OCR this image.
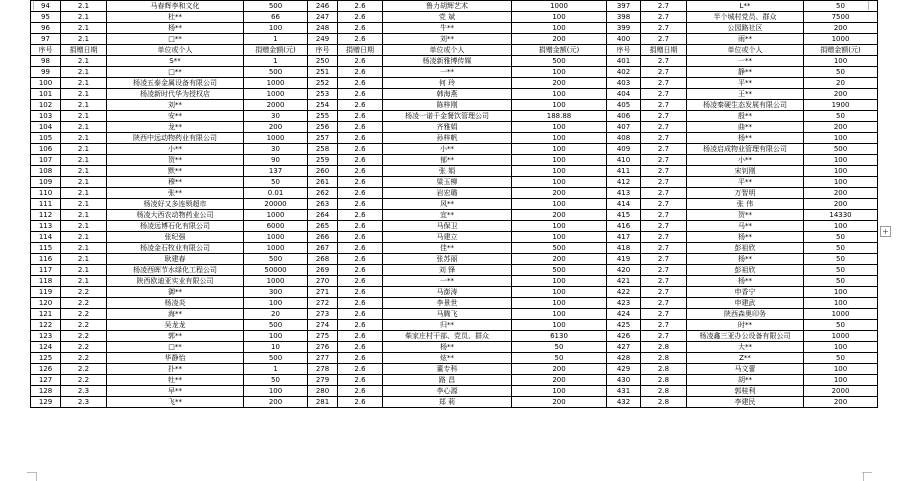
94	2.1	马春辉李和文化	500	246	2.6	鲁力胡辉艺术	1000	397	2.7	L**	50
95	2.1	杜**	66	247	2.6	党 斌	100	398	2.7	半个城村党员、群众	7500
96	2.1	杨**	100	248	2.6	牛**	100	399	2.7	公园路社区	200
97	2.1	□**	1	249	2.6	刘**	200	400	2.7	雨**	1000
序号	捐赠日期	单位或个人	捐赠金额(元)	序号	捐赠日期	单位或个人	捐赠金额(元)	序号	捐赠日期	单位或个人	捐赠金额(元)
98	2.1	S**	1	250	2.6	杨凌新雅博传媒	500	401	2.7	一**	100
99	2.1	□**	500	251	2.6	一**	100	402	2.7	静**	50
100	2.1	杨凌五泰金属设备有限公司	1000	252	2.6	何 玲	200	403	2.7	平**	20
101	2.1	杨凌新时代华为授权店	1000	253	2.6	韩海燕	100	404	2.7	王**	200
102	2.1	刘**	2000	254	2.6	陈梓刚	100	405	2.7	杨凌秦硬生态发展有限公司	1900
103	2.1	安**	30	255	2.6	杨凌一诺千金餐饮管理公司	188.88	406	2.7	殷**	50
104	2.1	龙**	200	256	2.6	齐雅娟	100	407	2.7	曲**	200
105	2.1	陕西中远动物药业有限公司	1000	257	2.6	孙梓帆	100	408	2.7	杨**	100
106	2.1	小**	30	258	2.6	小**	100	409	2.7	杨凌启成物业管理有限公司	500
107	2.1	贺**	90	259	2.6	郁**	100	410	2.7	小**	100
108	2.1	默**	137	260	2.6	张 娟	100	411	2.7	宋钊刚	100
109	2.1	穆**	50	261	2.6	梁玉柳	100	412	2.7	平**	100
110	2.1	张**	0.01	262	2.6	岩宏璐	200	413	2.7	万智明	200
111	2.1	杨凌好又多连锁超市	20000	263	2.6	风**	100	414	2.7	张 伟	200
112	2.1	杨凌大西农动物药业公司	1000	264	2.6	宜**	200	415	2.7	贺**	14330
113	2.1	杨凌远博石化有限公司	6000	265	2.6	马保卫	100	416	2.7	马**	100
114	2.1	张纪强	1000	266	2.6	马建立	100	417	2.7	杨**	50
115	2.1	杨凌金石牧业有限公司	1000	267	2.6	佳**	500	418	2.7	彭祖欣	50
116	2.1	耿建春	500	268	2.6	张苏丽	200	419	2.7	杨**	50
117	2.1	杨凌西晖节水绿化工程公司	50000	269	2.6	刘 锋	500	420	2.7	彭祖欣	50
118	2.1	陕西欧迪亚实业有限公司	1000	270	2.6	一**	100	421	2.7	杨**	50
119	2.2	御**	300	271	2.6	马澎涛	100	422	2.7	申香宁	100
120	2.2	杨凌炎	100	272	2.6	李景世	100	423	2.7	申建武	100
121	2.2	海**	20	273	2.6	马腾飞	100	424	2.7	陕西森奥印务	1000
122	2.2	吴龙龙	500	274	2.6	归**	100	425	2.7	时**	50
123	2.2	郭**	100	275	2.6	柴家庄村干部、党员、群众	6130	426	2.7	杨凌鑫三亚办公设备有限公司	1000
124	2.2	□**	10	276	2.6	杨**	50	427	2.8	大**	100
125	2.2	华静怡	500	277	2.6	炫**	50	428	2.8	Z**	50
126	2.2	扑**	1	278	2.6	董专科	200	429	2.8	马文蕾	100
127	2.2	牡**	50	279	2.6	路 昌	200	430	2.8	胡**	100
128	2.3	早**	100	280	2.6	李心源	100	431	2.8	郭桂利	2000
129	2.3	飞**	200	281	2.6	郑 莉	200	432	2.8	李建民	200
+
